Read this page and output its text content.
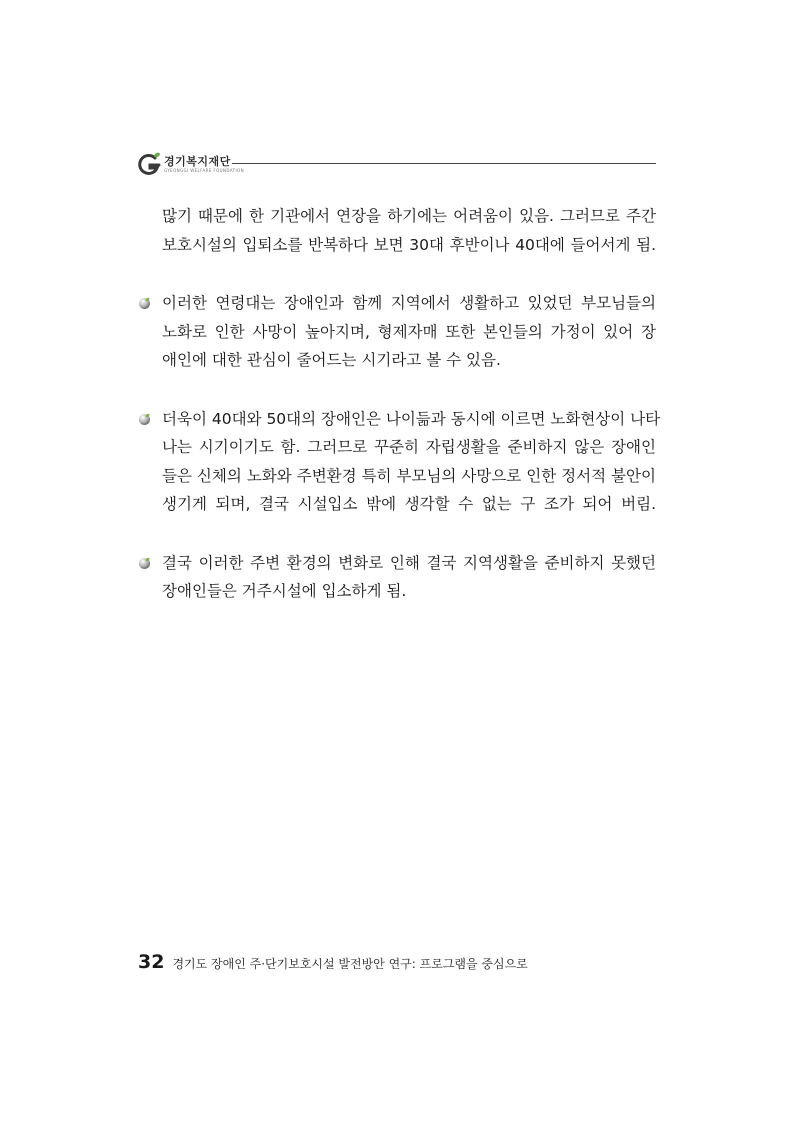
경기복지재단
GYEONGGI WELFARE FOUNDATION
많기 때문에 한 기관에서 연장을 하기에는 어려움이 있음. 그러므로 주간
보호시설의 입퇴소를 반복하다 보면 30대 후반이나 40대에 들어서게 됨.
이러한 연령대는 장애인과 함께 지역에서 생활하고 있었던 부모님들의
노화로 인한 사망이 높아지며, 형제자매 또한 본인들의 가정이 있어 장
애인에 대한 관심이 줄어드는 시기라고 볼 수 있음.
더욱이 40대와 50대의 장애인은 나이듦과 동시에 이르면 노화현상이 나타
나는 시기이기도 함. 그러므로 꾸준히 자립생활을 준비하지 않은 장애인
들은 신체의 노화와 주변환경 특히 부모님의 사망으로 인한 정서적 불안이
생기게 되며, 결국 시설입소 밖에 생각할 수 없는 구 조가 되어 버림.
결국 이러한 주변 환경의 변화로 인해 결국 지역생활을 준비하지 못했던
장애인들은 거주시설에 입소하게 됨.
32 경기도 장애인 주·단기보호시설 발전방안 연구: 프로그램을 중심으로
